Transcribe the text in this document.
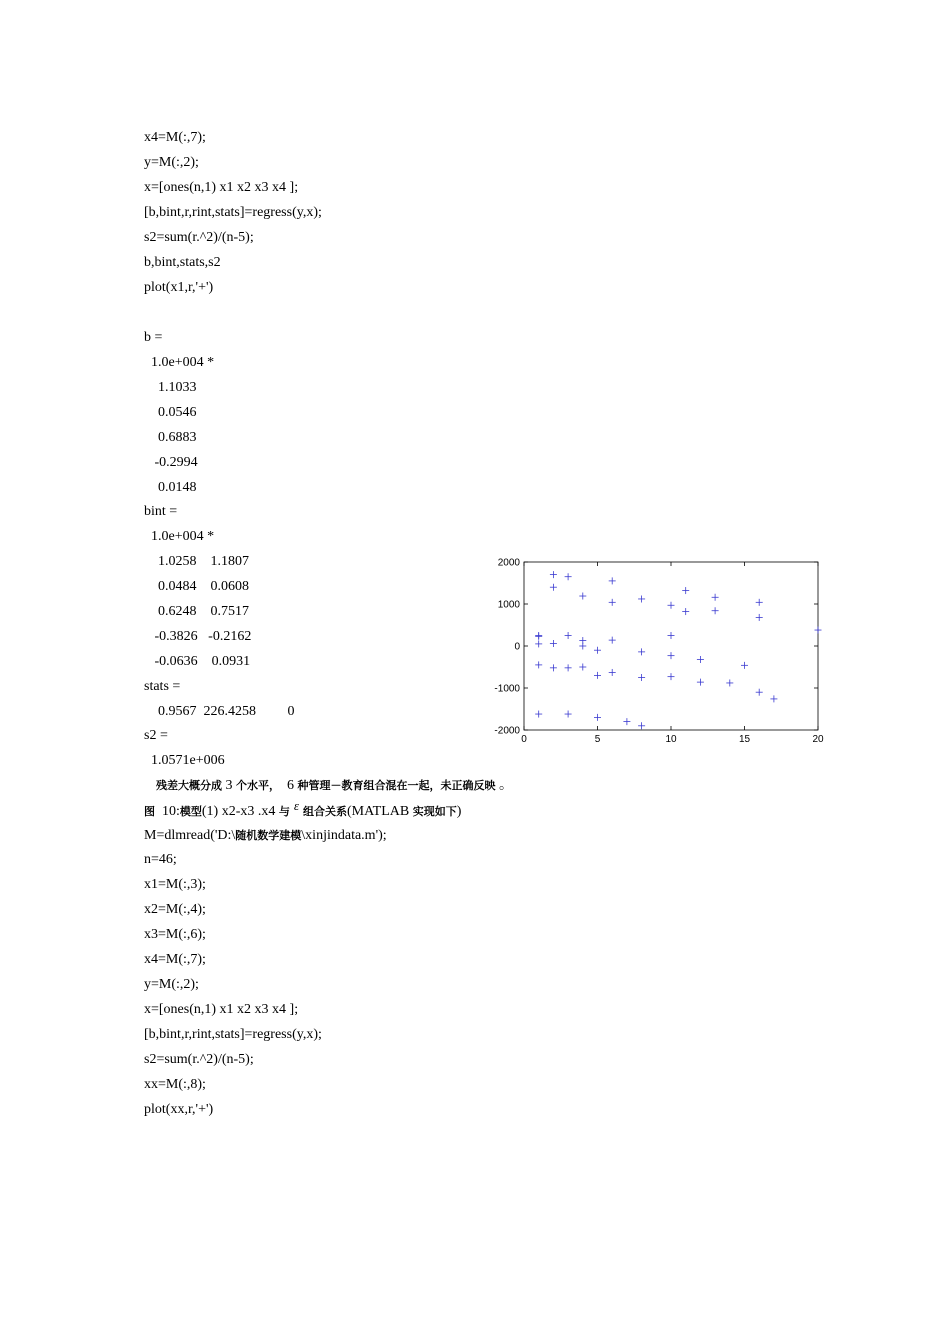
x4=M(:,7);
y=M(:,2);
x=[ones(n,1) x1 x2 x3 x4 ];
[b,bint,r,rint,stats]=regress(y,x);
s2=sum(r.^2)/(n-5);
b,bint,stats,s2
plot(x1,r,'+')
b =
1.0e+004 *
1.1033
0.0546
0.6883
-0.2994
0.0148
bint =
1.0e+004 *
1.0258    1.1807
0.0484    0.0608
0.6248    0.7517
-0.3826   -0.2162
-0.0636    0.0931
stats =
0.9567  226.4258         0
s2 =
1.0571e+006
残差大概分成 3 个水平，  6 种管理－教育组合混在一起，未正确反映 。
图  10:模型(1) x2-x3 .x4 与 ε 组合关系(MATLAB 实现如下)
M=dlmread('D:\随机数学建模\xinjindata.m');
n=46;
x1=M(:,3);
x2=M(:,4);
x3=M(:,6);
x4=M(:,7);
y=M(:,2);
x=[ones(n,1) x1 x2 x3 x4 ];
[b,bint,r,rint,stats]=regress(y,x);
s2=sum(r.^2)/(n-5);
xx=M(:,8);
plot(xx,r,'+')
0	5	10	15	20
-2000
-1000
0
1000
2000
